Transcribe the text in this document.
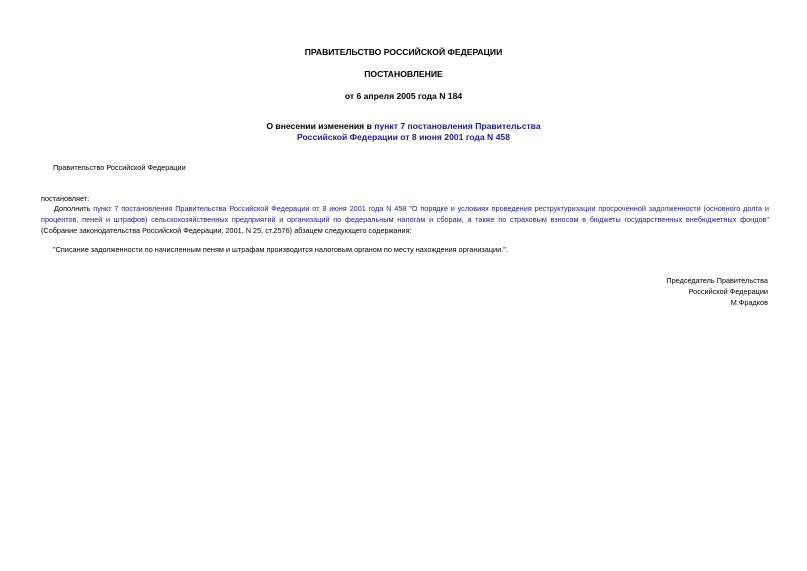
ПРАВИТЕЛЬСТВО РОССИЙСКОЙ ФЕДЕРАЦИИ
ПОСТАНОВЛЕНИЕ
от 6 апреля 2005 года N 184
О внесении изменения в пункт 7 постановления Правительства
Российской Федерации от 8 июня 2001 года N 458
Правительство Российской Федерации
постановляет:
Дополнить пункт 7 постановления Правительства Российской Федерации от 8 июня 2001 года N 458 "О порядке и условиях проведения реструктуризации просроченной задолженности (основного долга и процентов, пеней и штрафов) сельскохозяйственных предприятий и организаций по федеральным налогам и сборам, а также по страховым взносам в бюджеты государственных внебюджетных фондов" (Собрание законодательства Российской Федерации, 2001, N 25, ст.2576) абзацем следующего содержания:
"Списание задолженности по начисленным пеням и штрафам производится налоговым органом по месту нахождения организации.".
Председатель Правительства
Российской Федерации
М.Фрадков
